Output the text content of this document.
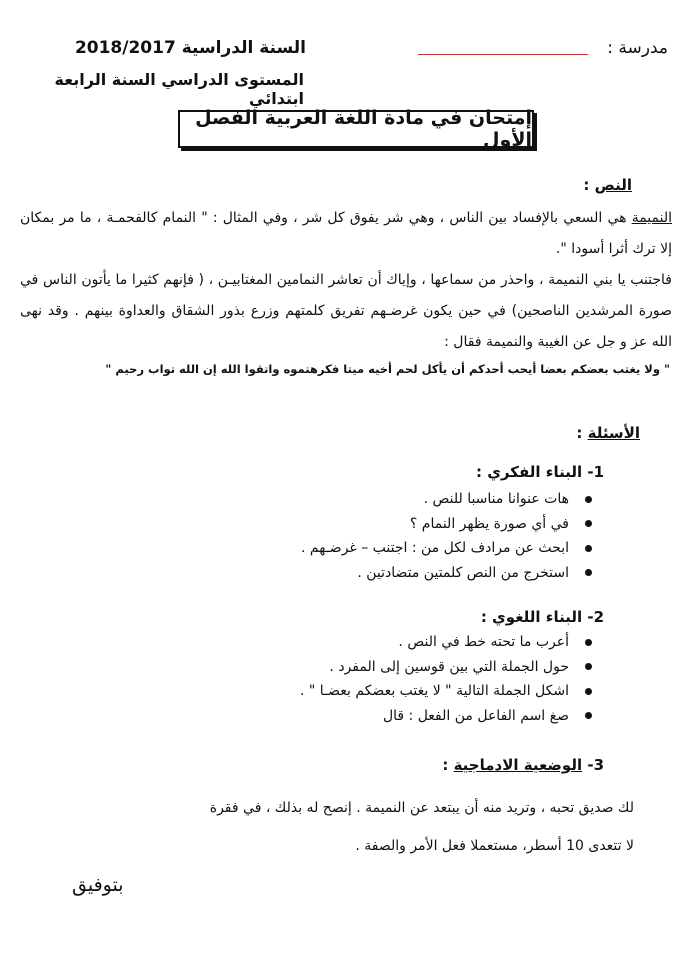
مدرسة :
السنة الدراسية 2018/2017
المستوى الدراسي السنة الرابعة ابتدائي
إمتحان في مادة اللغة العربية الفصل الأول
النص :
النميمة هي السعي بالإفساد بين الناس ، وهي شر يفوق كل شر ، وفي المثال : " النمام كالفحمـة ، ما مر بمكان إلا ترك أثرا أسودا ".
فاجتنب يا بني النميمة ، واحذر من سماعها ، وإياك أن تعاشر النمامين المغتابيـن ، ( فإنهم كثيرا ما يأتون الناس في صورة المرشدين الناصحين) في حين يكون غرضـهم تفريق كلمتهم وزرع بذور الشقاق والعداوة بينهم . وقد نهى الله عز و جل عن الغيبة والنميمة فقال :
" ولا يغتب بعضكم بعضا أيحب أحدكم أن يأكل لحم أخيه ميتا فكرهتموه واتقوا الله إن الله تواب رحيم "
الأسئلة :
1- البناء الفكري :
هات عنوانا مناسبا للنص .
في أي صورة يظهر النمام ؟
ابحث عن مرادف لكل من : اجتنب – غرضـهم .
استخرج من النص كلمتين متضادتين .
2- البناء اللغوي :
أعرب ما تحته خط في النص .
حول الجملة التي بين قوسين إلى المفرد .
اشكل الجملة التالية " لا يغتب بعضكم بعضـا " .
صغ اسم الفاعل من الفعل : قال
3- الوضعية الادماجية :
لك صديق تحبه ، وتريد منه أن يبتعد عن النميمة . إنصح له بذلك ، في فقرة
لا تتعدى 10 أسطر، مستعملا فعل الأمر والصفة .
بتوفيق
